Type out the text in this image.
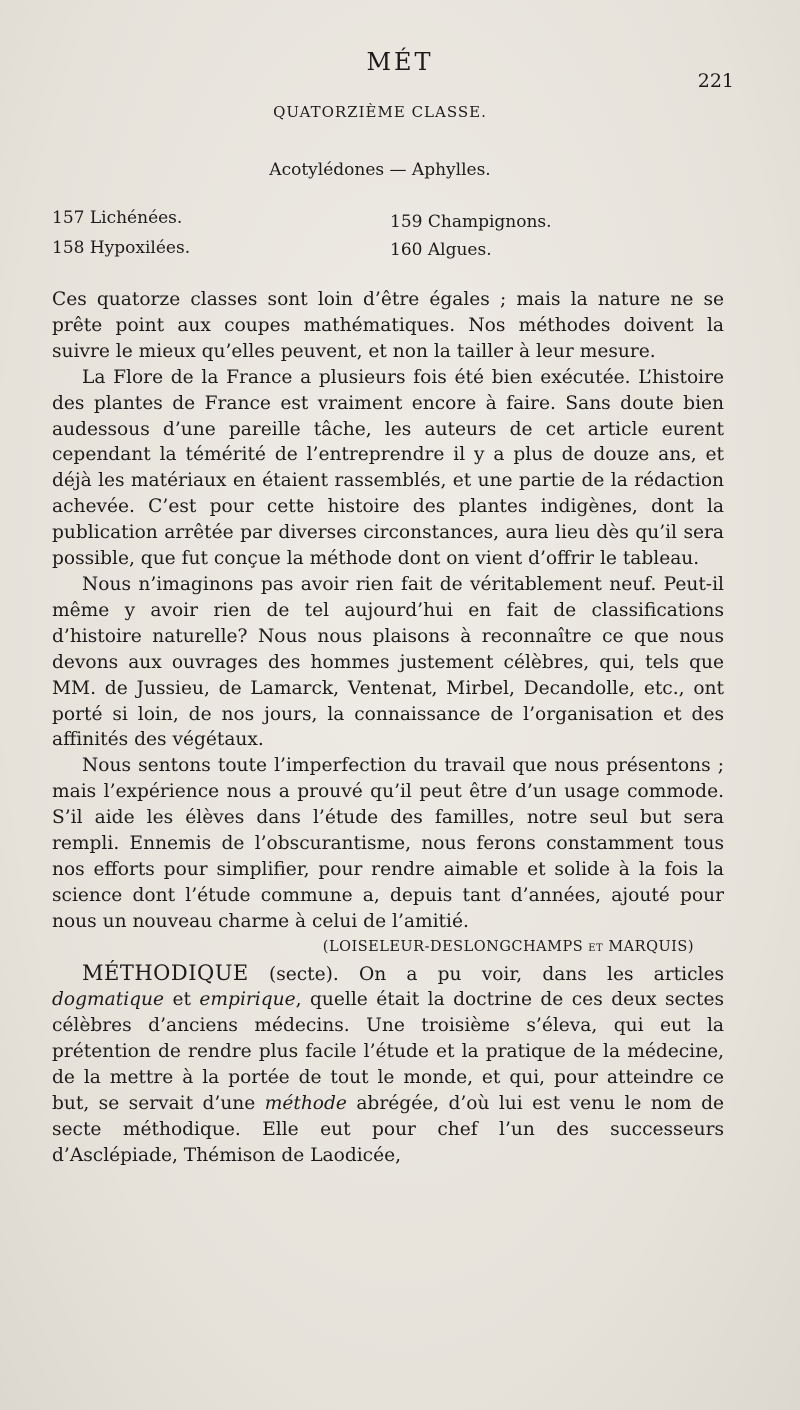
MÉT
221
QUATORZIÈME CLASSE.
Acotylédones — Aphylles.
157 Lichénées.
158 Hypoxilées.
159 Champignons.
160 Algues.

Ces quatorze classes sont loin d’être égales ; mais la nature ne se prête point aux coupes mathématiques. Nos méthodes doivent la suivre le mieux qu’elles peuvent, et non la tailler à leur mesure.

La Flore de la France a plusieurs fois été bien exécutée. L’histoire des plantes de France est vraiment encore à faire. Sans doute bien audessous d’une pareille tâche, les auteurs de cet article eurent cependant la témérité de l’entreprendre il y a plus de douze ans, et déjà les matériaux en étaient rassemblés, et une partie de la rédaction achevée. C’est pour cette histoire des plantes indigènes, dont la publication arrêtée par diverses circonstances, aura lieu dès qu’il sera possible, que fut conçue la méthode dont on vient d’offrir le tableau.

Nous n’imaginons pas avoir rien fait de véritablement neuf. Peut-il même y avoir rien de tel aujourd’hui en fait de classifications d’histoire naturelle? Nous nous plaisons à reconnaître ce que nous devons aux ouvrages des hommes justement célèbres, qui, tels que MM. de Jussieu, de Lamarck, Ventenat, Mirbel, Decandolle, etc., ont porté si loin, de nos jours, la connaissance de l’organisation et des affinités des végétaux.

Nous sentons toute l’imperfection du travail que nous présentons ; mais l’expérience nous a prouvé qu’il peut être d’un usage commode. S’il aide les élèves dans l’étude des familles, notre seul but sera rempli. Ennemis de l’obscurantisme, nous ferons constamment tous nos efforts pour simplifier, pour rendre aimable et solide à la fois la science dont l’étude commune a, depuis tant d’années, ajouté pour nous un nouveau charme à celui de l’amitié.

(LOISELEUR-DESLONGCHAMPS et MARQUIS)

MÉTHODIQUE (secte). On a pu voir, dans les articles dogmatique et empirique, quelle était la doctrine de ces deux sectes célèbres d’anciens médecins. Une troisième s’éleva, qui eut la prétention de rendre plus facile l’étude et la pratique de la médecine, de la mettre à la portée de tout le monde, et qui, pour atteindre ce but, se servait d’une méthode abrégée, d’où lui est venu le nom de secte méthodique. Elle eut pour chef l’un des successeurs d’Asclépiade, Thémison de Laodicée,
